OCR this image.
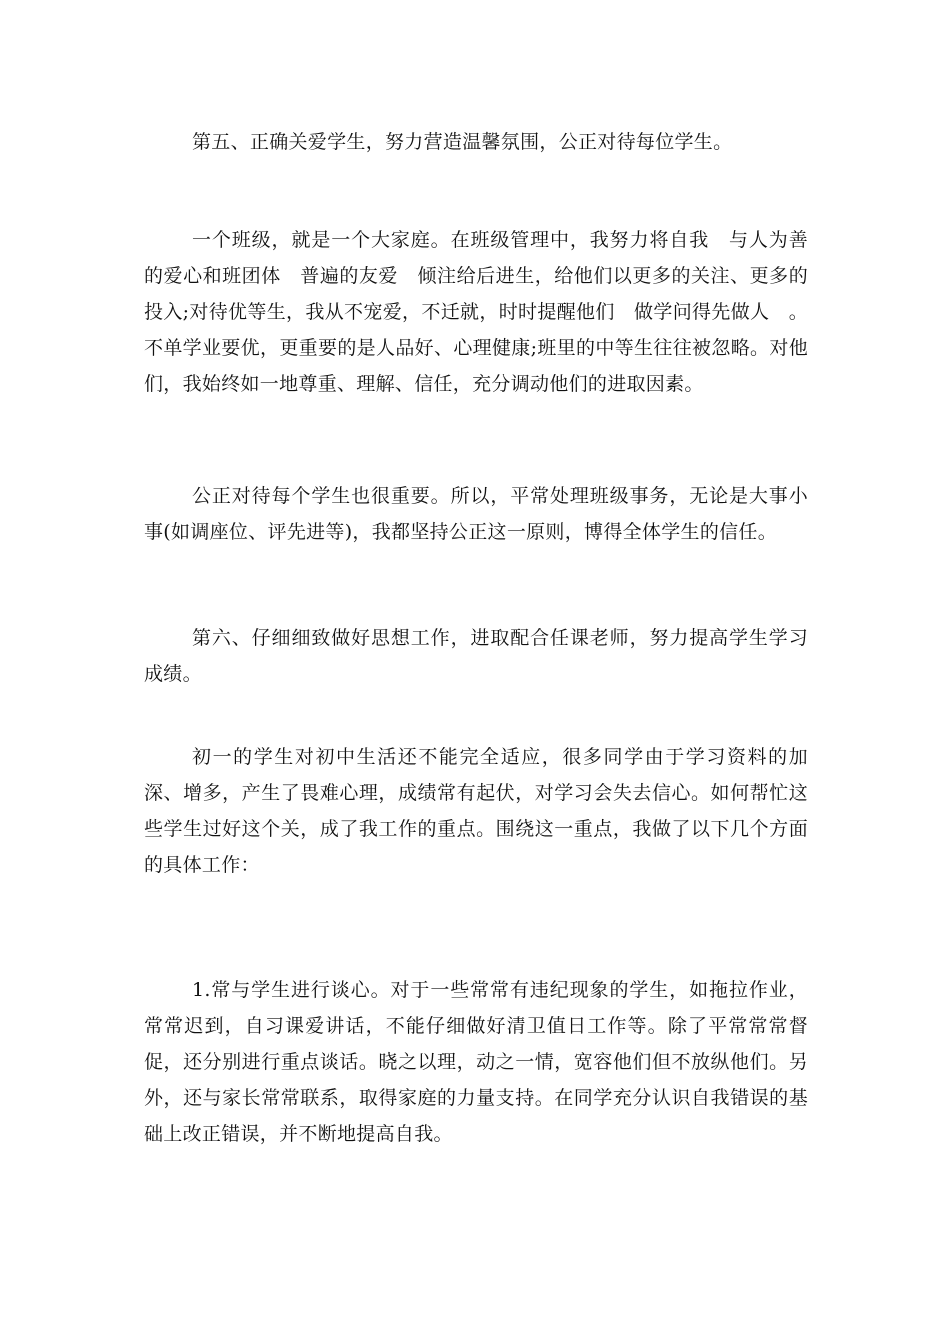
第五、正确关爱学生，努力营造温馨氛围，公正对待每位学生。

一个班级，就是一个大家庭。在班级管理中，我努力将自我　与人为善　的爱心和班团体　普遍的友爱　倾注给后进生，给他们以更多的关注、更多的投入;对待优等生，我从不宠爱，不迁就，时时提醒他们　做学问得先做人　。不单学业要优，更重要的是人品好、心理健康;班里的中等生往往被忽略。对他们，我始终如一地尊重、理解、信任，充分调动他们的进取因素。

公正对待每个学生也很重要。所以，平常处理班级事务，无论是大事小事(如调座位、评先进等)，我都坚持公正这一原则，博得全体学生的信任。

第六、仔细细致做好思想工作，进取配合任课老师，努力提高学生学习成绩。

初一的学生对初中生活还不能完全适应，很多同学由于学习资料的加深、增多，产生了畏难心理，成绩常有起伏，对学习会失去信心。如何帮忙这些学生过好这个关，成了我工作的重点。围绕这一重点，我做了以下几个方面的具体工作：

1.常与学生进行谈心。对于一些常常有违纪现象的学生，如拖拉作业，常常迟到，自习课爱讲话，不能仔细做好清卫值日工作等。除了平常常常督促，还分别进行重点谈话。晓之以理，动之一情，宽容他们但不放纵他们。另外，还与家长常常联系，取得家庭的力量支持。在同学充分认识自我错误的基础上改正错误，并不断地提高自我。
